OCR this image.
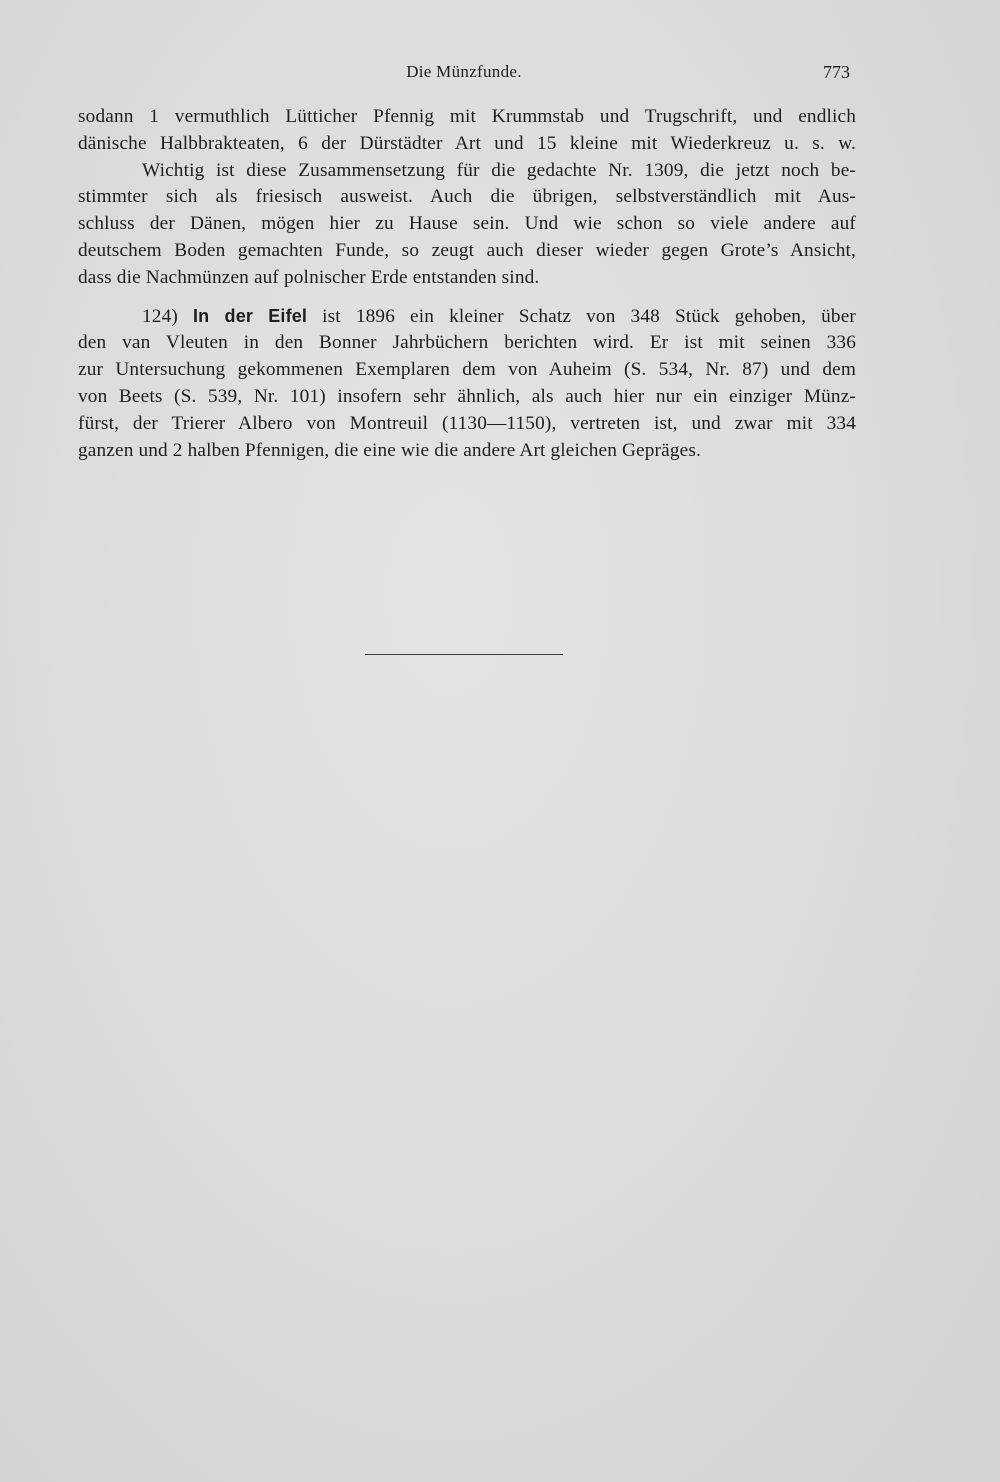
Die Münzfunde.	773
sodann 1 vermuthlich Lütticher Pfennig mit Krummstab und Trugschrift, und endlich
dänische Halbbrakteaten, 6 der Dürstädter Art und 15 kleine mit Wiederkreuz u. s. w.
Wichtig ist diese Zusammensetzung für die gedachte Nr. 1309, die jetzt noch be-
stimmter sich als friesisch ausweist. Auch die übrigen, selbstverständlich mit Aus-
schluss der Dänen, mögen hier zu Hause sein. Und wie schon so viele andere auf
deutschem Boden gemachten Funde, so zeugt auch dieser wieder gegen Grote’s Ansicht,
dass die Nachmünzen auf polnischer Erde entstanden sind.
124) In der Eifel ist 1896 ein kleiner Schatz von 348 Stück gehoben, über
den van Vleuten in den Bonner Jahrbüchern berichten wird. Er ist mit seinen 336
zur Untersuchung gekommenen Exemplaren dem von Auheim (S. 534, Nr. 87) und dem
von Beets (S. 539, Nr. 101) insofern sehr ähnlich, als auch hier nur ein einziger Münz-
fürst, der Trierer Albero von Montreuil (1130—1150), vertreten ist, und zwar mit 334
ganzen und 2 halben Pfennigen, die eine wie die andere Art gleichen Gepräges.
